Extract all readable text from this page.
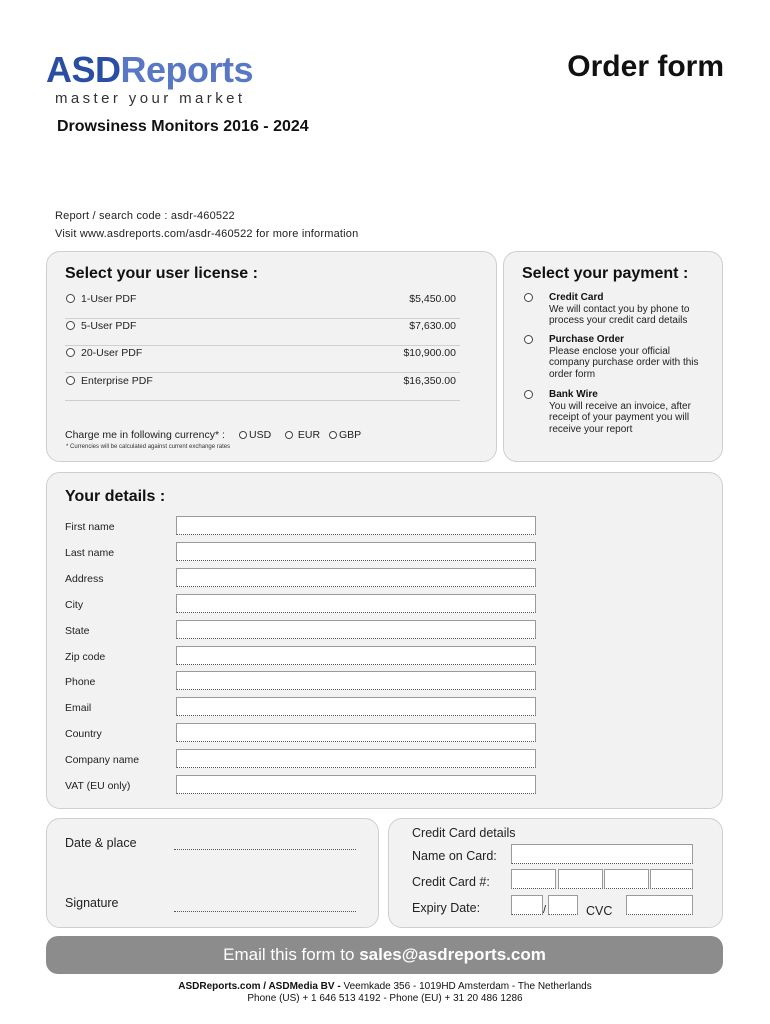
ASDReports
master your market
Order form
Drowsiness Monitors 2016 - 2024
Report / search code : asdr-460522
Visit www.asdreports.com/asdr-460522 for more information
Select your user license :
1-User PDF	$5,450.00
5-User PDF	$7,630.00
20-User PDF	$10,900.00
Enterprise PDF	$16,350.00
Charge me in following currency* :	USD	EUR	GBP
* Currencies will be calculated against current exchange rates
Select your payment :
Credit Card
We will contact you by phone to process your credit card details
Purchase Order
Please enclose your official company purchase order with this order form
Bank Wire
You will receive an invoice, after receipt of your payment you will receive your report
Your details :
First name
Last name
Address
City
State
Zip code
Phone
Email
Country
Company name
VAT (EU only)
Date & place
Signature
Credit Card details
Name on Card:
Credit Card #:
Expiry Date:	/	CVC
Email this form to sales@asdreports.com
ASDReports.com / ASDMedia BV - Veemkade 356 - 1019HD Amsterdam - The Netherlands
Phone (US) + 1 646 513 4192 - Phone (EU) + 31 20 486 1286
